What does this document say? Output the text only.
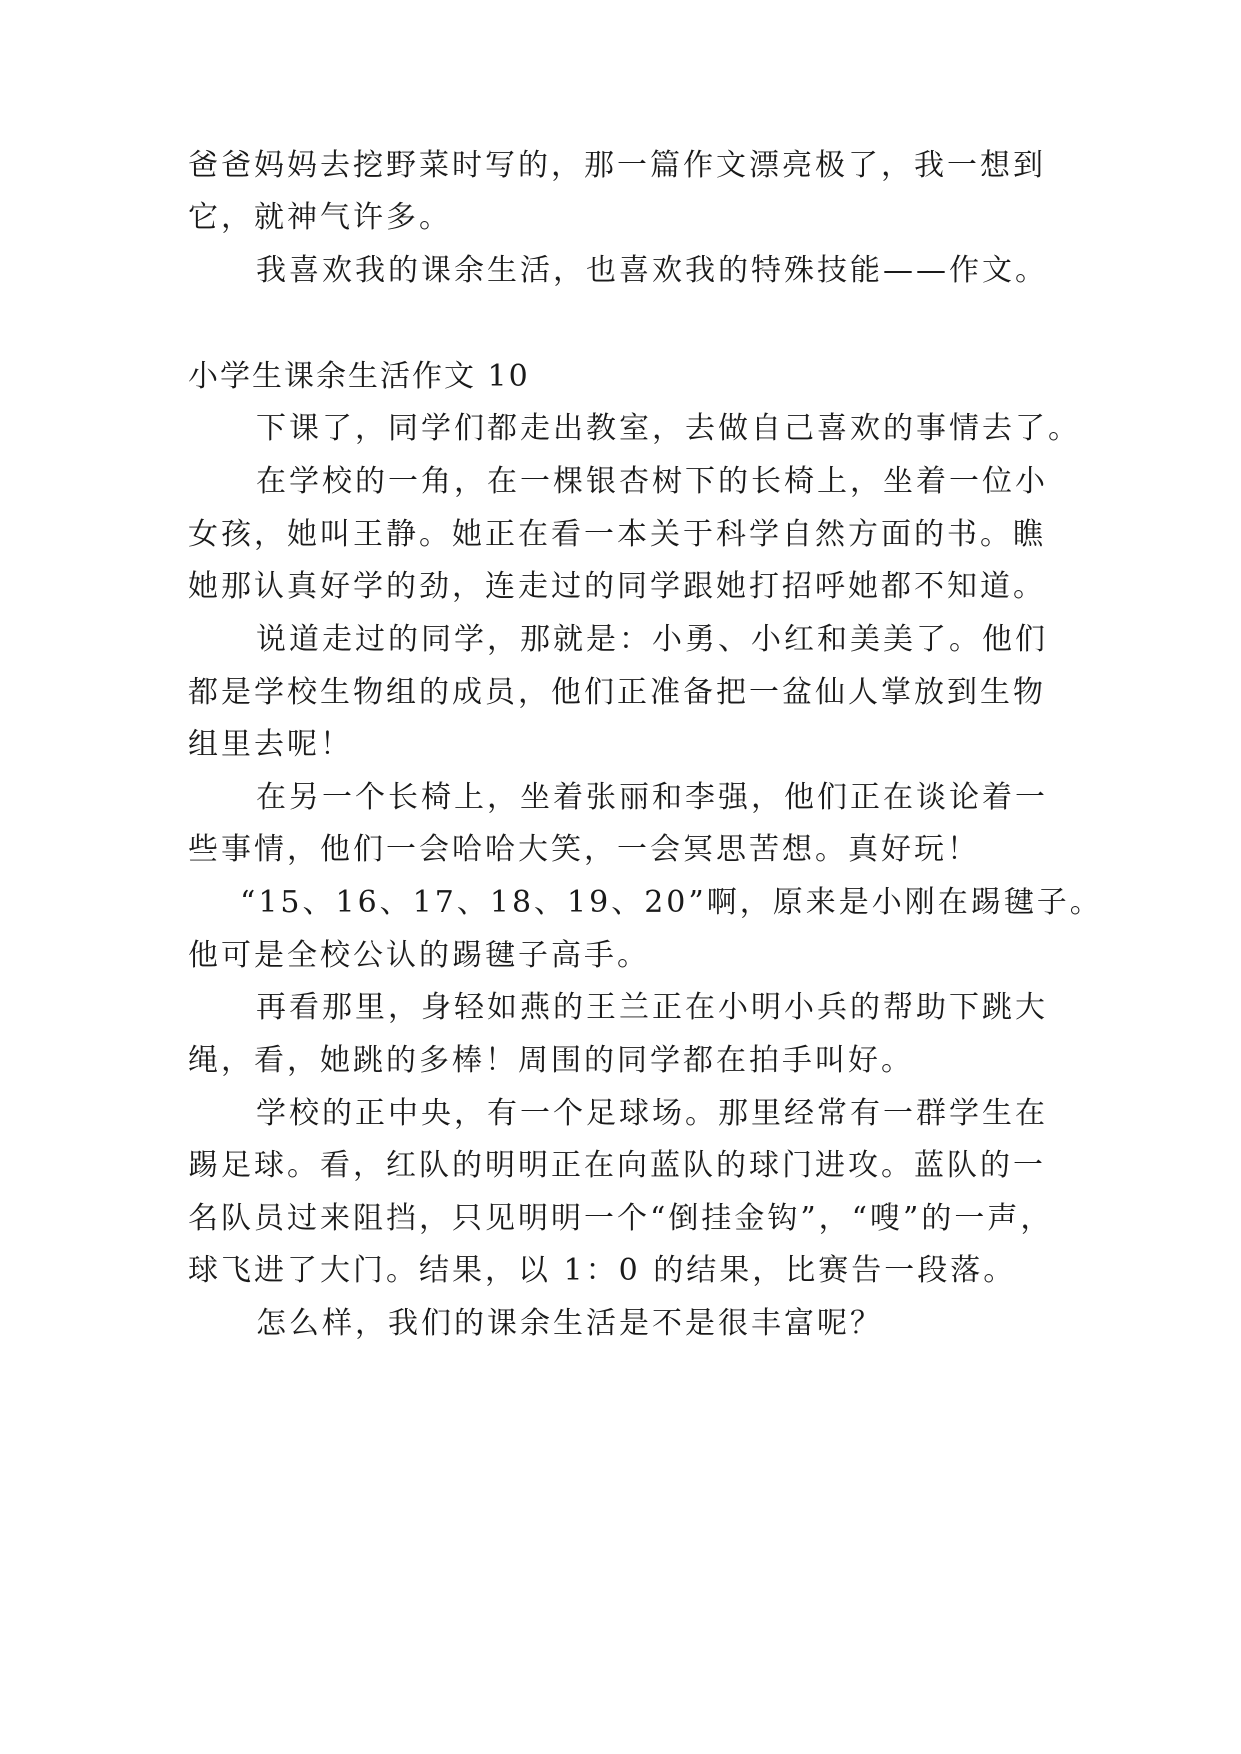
爸爸妈妈去挖野菜时写的，那一篇作文漂亮极了，我一想到

它，就神气许多。

我喜欢我的课余生活，也喜欢我的特殊技能——作文。

小学生课余生活作文 10

下课了，同学们都走出教室，去做自己喜欢的事情去了。

在学校的一角，在一棵银杏树下的长椅上，坐着一位小

女孩，她叫王静。她正在看一本关于科学自然方面的书。瞧

她那认真好学的劲，连走过的同学跟她打招呼她都不知道。

说道走过的同学，那就是：小勇、小红和美美了。他们

都是学校生物组的成员，他们正准备把一盆仙人掌放到生物

组里去呢！

在另一个长椅上，坐着张丽和李强，他们正在谈论着一

些事情，他们一会哈哈大笑，一会冥思苦想。真好玩！

“15、16、17、18、19、20”啊，原来是小刚在踢毽子。

他可是全校公认的踢毽子高手。

再看那里，身轻如燕的王兰正在小明小兵的帮助下跳大

绳，看，她跳的多棒！周围的同学都在拍手叫好。

学校的正中央，有一个足球场。那里经常有一群学生在

踢足球。看，红队的明明正在向蓝队的球门进攻。蓝队的一

名队员过来阻挡，只见明明一个“倒挂金钩”，“嗖”的一声，

球飞进了大门。结果，以 1：0 的结果，比赛告一段落。

怎么样，我们的课余生活是不是很丰富呢？
